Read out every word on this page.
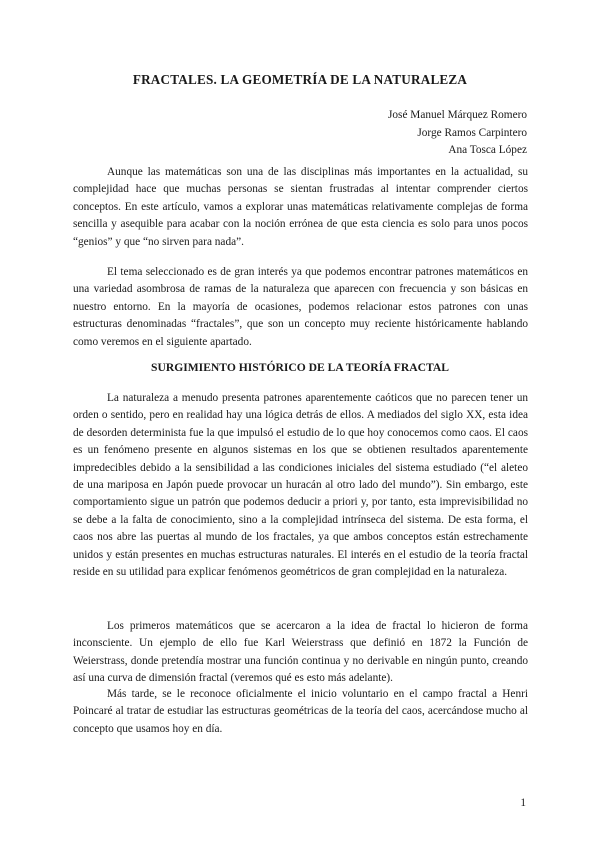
FRACTALES. LA GEOMETRÍA DE LA NATURALEZA
José Manuel Márquez Romero
Jorge Ramos Carpintero
Ana Tosca López

Aunque las matemáticas son una de las disciplinas más importantes en la actualidad, su complejidad hace que muchas personas se sientan frustradas al intentar comprender ciertos conceptos. En este artículo, vamos a explorar unas matemáticas relativamente complejas de forma sencilla y asequible para acabar con la noción errónea de que esta ciencia es solo para unos pocos “genios” y que “no sirven para nada”.

El tema seleccionado es de gran interés ya que podemos encontrar patrones matemáticos en una variedad asombrosa de ramas de la naturaleza que aparecen con frecuencia y son básicas en nuestro entorno. En la mayoría de ocasiones, podemos relacionar estos patrones con unas estructuras denominadas “fractales”, que son un concepto muy reciente históricamente hablando como veremos en el siguiente apartado.

SURGIMIENTO HISTÓRICO DE LA TEORÍA FRACTAL

La naturaleza a menudo presenta patrones aparentemente caóticos que no parecen tener un orden o sentido, pero en realidad hay una lógica detrás de ellos. A mediados del siglo XX, esta idea de desorden determinista fue la que impulsó el estudio de lo que hoy conocemos como caos. El caos es un fenómeno presente en algunos sistemas en los que se obtienen resultados aparentemente impredecibles debido a la sensibilidad a las condiciones iniciales del sistema estudiado (“el aleteo de una mariposa en Japón puede provocar un huracán al otro lado del mundo”). Sin embargo, este comportamiento sigue un patrón que podemos deducir a priori y, por tanto, esta imprevisibilidad no se debe a la falta de conocimiento, sino a la complejidad intrínseca del sistema. De esta forma, el caos nos abre las puertas al mundo de los fractales, ya que ambos conceptos están estrechamente unidos y están presentes en muchas estructuras naturales. El interés en el estudio de la teoría fractal reside en su utilidad para explicar fenómenos geométricos de gran complejidad en la naturaleza.

Los primeros matemáticos que se acercaron a la idea de fractal lo hicieron de forma inconsciente. Un ejemplo de ello fue Karl Weierstrass que definió en 1872 la Función de Weierstrass, donde pretendía mostrar una función continua y no derivable en ningún punto, creando así una curva de dimensión fractal (veremos qué es esto más adelante).

Más tarde, se le reconoce oficialmente el inicio voluntario en el campo fractal a Henri Poincaré al tratar de estudiar las estructuras geométricas de la teoría del caos, acercándose mucho al concepto que usamos hoy en día.

1
